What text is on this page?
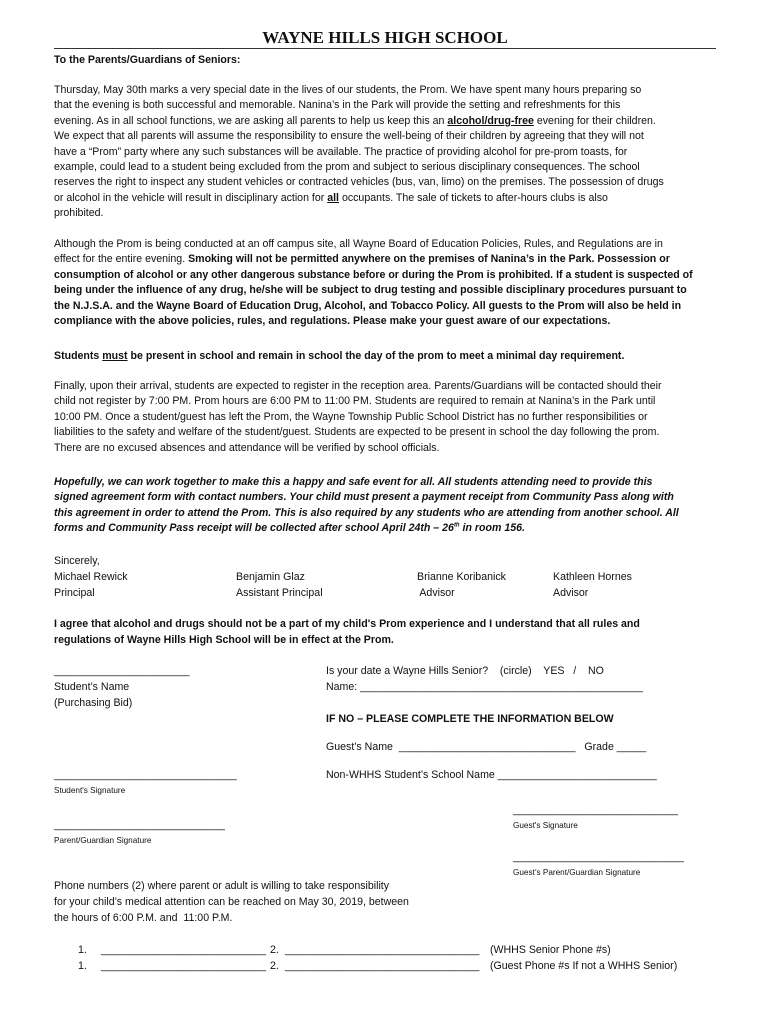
WAYNE HILLS HIGH SCHOOL
To the Parents/Guardians of Seniors:
Thursday, May 30th marks a very special date in the lives of our students, the Prom. We have spent many hours preparing so
that the evening is both successful and memorable. Nanina’s in the Park will provide the setting and refreshments for this
evening. As in all school functions, we are asking all parents to help us keep this an alcohol/drug-free evening for their children.
We expect that all parents will assume the responsibility to ensure the well-being of their children by agreeing that they will not
have a “Prom” party where any such substances will be available. The practice of providing alcohol for pre-prom toasts, for
example, could lead to a student being excluded from the prom and subject to serious disciplinary consequences. The school
reserves the right to inspect any student vehicles or contracted vehicles (bus, van, limo) on the premises. The possession of drugs
or alcohol in the vehicle will result in disciplinary action for all occupants. The sale of tickets to after-hours clubs is also
prohibited.
Although the Prom is being conducted at an off campus site, all Wayne Board of Education Policies, Rules, and Regulations are in
effect for the entire evening. Smoking will not be permitted anywhere on the premises of Nanina’s in the Park. Possession or
consumption of alcohol or any other dangerous substance before or during the Prom is prohibited. If a student is suspected of
being under the influence of any drug, he/she will be subject to drug testing and possible disciplinary procedures pursuant to
the N.J.S.A. and the Wayne Board of Education Drug, Alcohol, and Tobacco Policy. All guests to the Prom will also be held in
compliance with the above policies, rules, and regulations. Please make your guest aware of our expectations.
Students must be present in school and remain in school the day of the prom to meet a minimal day requirement.
Finally, upon their arrival, students are expected to register in the reception area. Parents/Guardians will be contacted should their
child not register by 7:00 PM. Prom hours are 6:00 PM to 11:00 PM. Students are required to remain at Nanina’s in the Park until
10:00 PM. Once a student/guest has left the Prom, the Wayne Township Public School District has no further responsibilities or
liabilities to the safety and welfare of the student/guest. Students are expected to be present in school the day following the prom.
There are no excused absences and attendance will be verified by school officials.
Hopefully, we can work together to make this a happy and safe event for all. All students attending need to provide this
signed agreement form with contact numbers. Your child must present a payment receipt from Community Pass along with
this agreement in order to attend the Prom. This is also required by any students who are attending from another school. All
forms and Community Pass receipt will be collected after school April 24th – 26th in room 156.
Sincerely,
Michael Rewick
Principal
Benjamin Glaz
Assistant Principal
Brianne Koribanick
Advisor
Kathleen Hornes
Advisor
I agree that alcohol and drugs should not be a part of my child's Prom experience and I understand that all rules and
regulations of Wayne Hills High School will be in effect at the Prom.
_______________________
Student’s Name
(Purchasing Bid)
Is your date a Wayne Hills Senior?    (circle)    YES   /    NO
Name: ________________________________________________
IF NO – PLEASE COMPLETE THE INFORMATION BELOW
Guest’s Name  ______________________________   Grade _____
_______________________________	Non-WHHS Student’s School Name ___________________________
Student's Signature
____________________________
Guest's Signature
_____________________________
Parent/Guardian Signature
_____________________________
Guest’s Parent/Guardian Signature
Phone numbers (2) where parent or adult is willing to take responsibility
for your child’s medical attention can be reached on May 30, 2019, between
the hours of 6:00 P.M. and  11:00 P.M.
1. ____________________________ 2. _________________________________ (WHHS Senior Phone #s)
1. ____________________________ 2. _________________________________ (Guest Phone #s If not a WHHS Senior)
